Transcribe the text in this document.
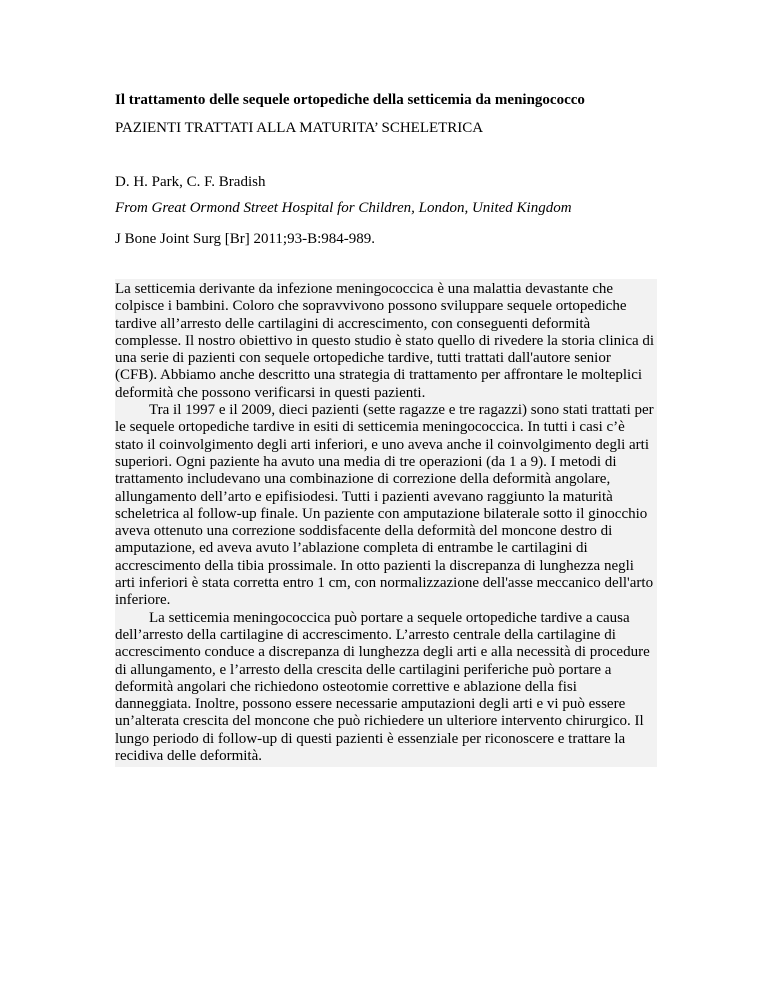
Il trattamento delle sequele ortopediche della setticemia da meningococco
PAZIENTI TRATTATI ALLA MATURITA’ SCHELETRICA
D. H. Park, C. F. Bradish
From Great Ormond Street Hospital for Children, London, United Kingdom
J Bone Joint Surg [Br] 2011;93-B:984-989.

La setticemia derivante da infezione meningococcica è una malattia devastante che colpisce i bambini. Coloro che sopravvivono possono sviluppare sequele ortopediche tardive all’arresto delle cartilagini di accrescimento, con conseguenti deformità complesse. Il nostro obiettivo in questo studio è stato quello di rivedere la storia clinica di una serie di pazienti con sequele ortopediche tardive, tutti trattati dall'autore senior (CFB). Abbiamo anche descritto una strategia di trattamento per affrontare le molteplici deformità che possono verificarsi in questi pazienti.

Tra il 1997 e il 2009, dieci pazienti (sette ragazze e tre ragazzi) sono stati trattati per le sequele ortopediche tardive in esiti di setticemia meningococcica. In tutti i casi c’è stato il coinvolgimento degli arti inferiori, e uno aveva anche il coinvolgimento degli arti superiori. Ogni paziente ha avuto una media di tre operazioni (da 1 a 9). I metodi di trattamento includevano una combinazione di correzione della deformità angolare, allungamento dell’arto e epifisiodesi. Tutti i pazienti avevano raggiunto la maturità scheletrica al follow-up finale. Un paziente con amputazione bilaterale sotto il ginocchio aveva ottenuto una correzione soddisfacente della deformità del moncone destro di amputazione, ed aveva avuto l’ablazione completa di entrambe le cartilagini di accrescimento della tibia prossimale. In otto pazienti la discrepanza di lunghezza negli arti inferiori è stata corretta entro 1 cm, con normalizzazione dell'asse meccanico dell'arto inferiore.

La setticemia meningococcica può portare a sequele ortopediche tardive a causa dell’arresto della cartilagine di accrescimento. L’arresto centrale della cartilagine di accrescimento conduce a discrepanza di lunghezza degli arti e alla necessità di procedure di allungamento, e l’arresto della crescita delle cartilagini periferiche può portare a deformità angolari che richiedono osteotomie correttive e ablazione della fisi danneggiata. Inoltre, possono essere necessarie amputazioni degli arti e vi può essere un’alterata crescita del moncone che può richiedere un ulteriore intervento chirurgico. Il lungo periodo di follow-up di questi pazienti è essenziale per riconoscere e trattare la recidiva delle deformità.
